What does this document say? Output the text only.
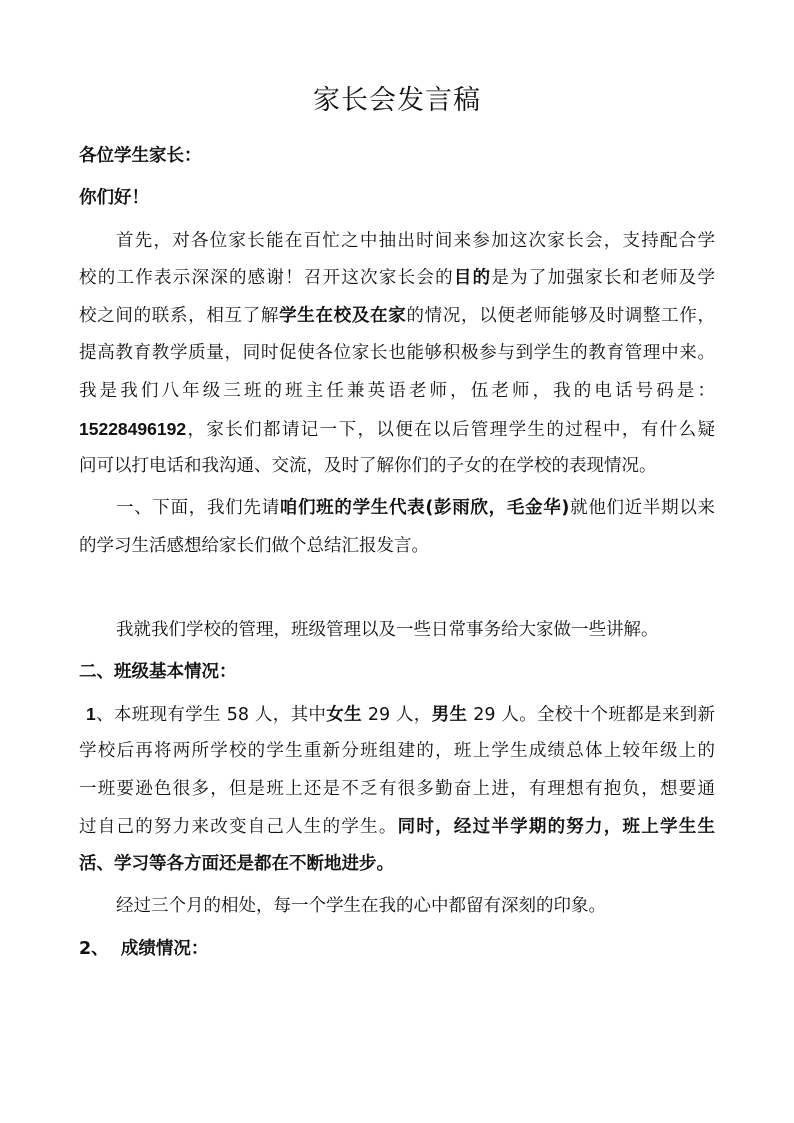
家长会发言稿
各位学生家长：
你们好！
首先，对各位家长能在百忙之中抽出时间来参加这次家长会，支持配合学
校的工作表示深深的感谢！召开这次家长会的目的是为了加强家长和老师及学
校之间的联系，相互了解学生在校及在家的情况，以便老师能够及时调整工作，
提高教育教学质量，同时促使各位家长也能够积极参与到学生的教育管理中来。
我是我们八年级三班的班主任兼英语老师，伍老师，我的电话号码是：
15228496192，家长们都请记一下，以便在以后管理学生的过程中，有什么疑
问可以打电话和我沟通、交流，及时了解你们的子女的在学校的表现情况。
一、下面，我们先请咱们班的学生代表(彭雨欣，毛金华)就他们近半期以来
的学习生活感想给家长们做个总结汇报发言。
我就我们学校的管理，班级管理以及一些日常事务给大家做一些讲解。
二、班级基本情况：
1、本班现有学生 58 人，其中女生 29 人，男生 29 人。全校十个班都是来到新
学校后再将两所学校的学生重新分班组建的，班上学生成绩总体上较年级上的
一班要逊色很多，但是班上还是不乏有很多勤奋上进，有理想有抱负，想要通
过自己的努力来改变自己人生的学生。同时，经过半学期的努力，班上学生生
活、学习等各方面还是都在不断地进步。
经过三个月的相处，每一个学生在我的心中都留有深刻的印象。
2、  成绩情况：
